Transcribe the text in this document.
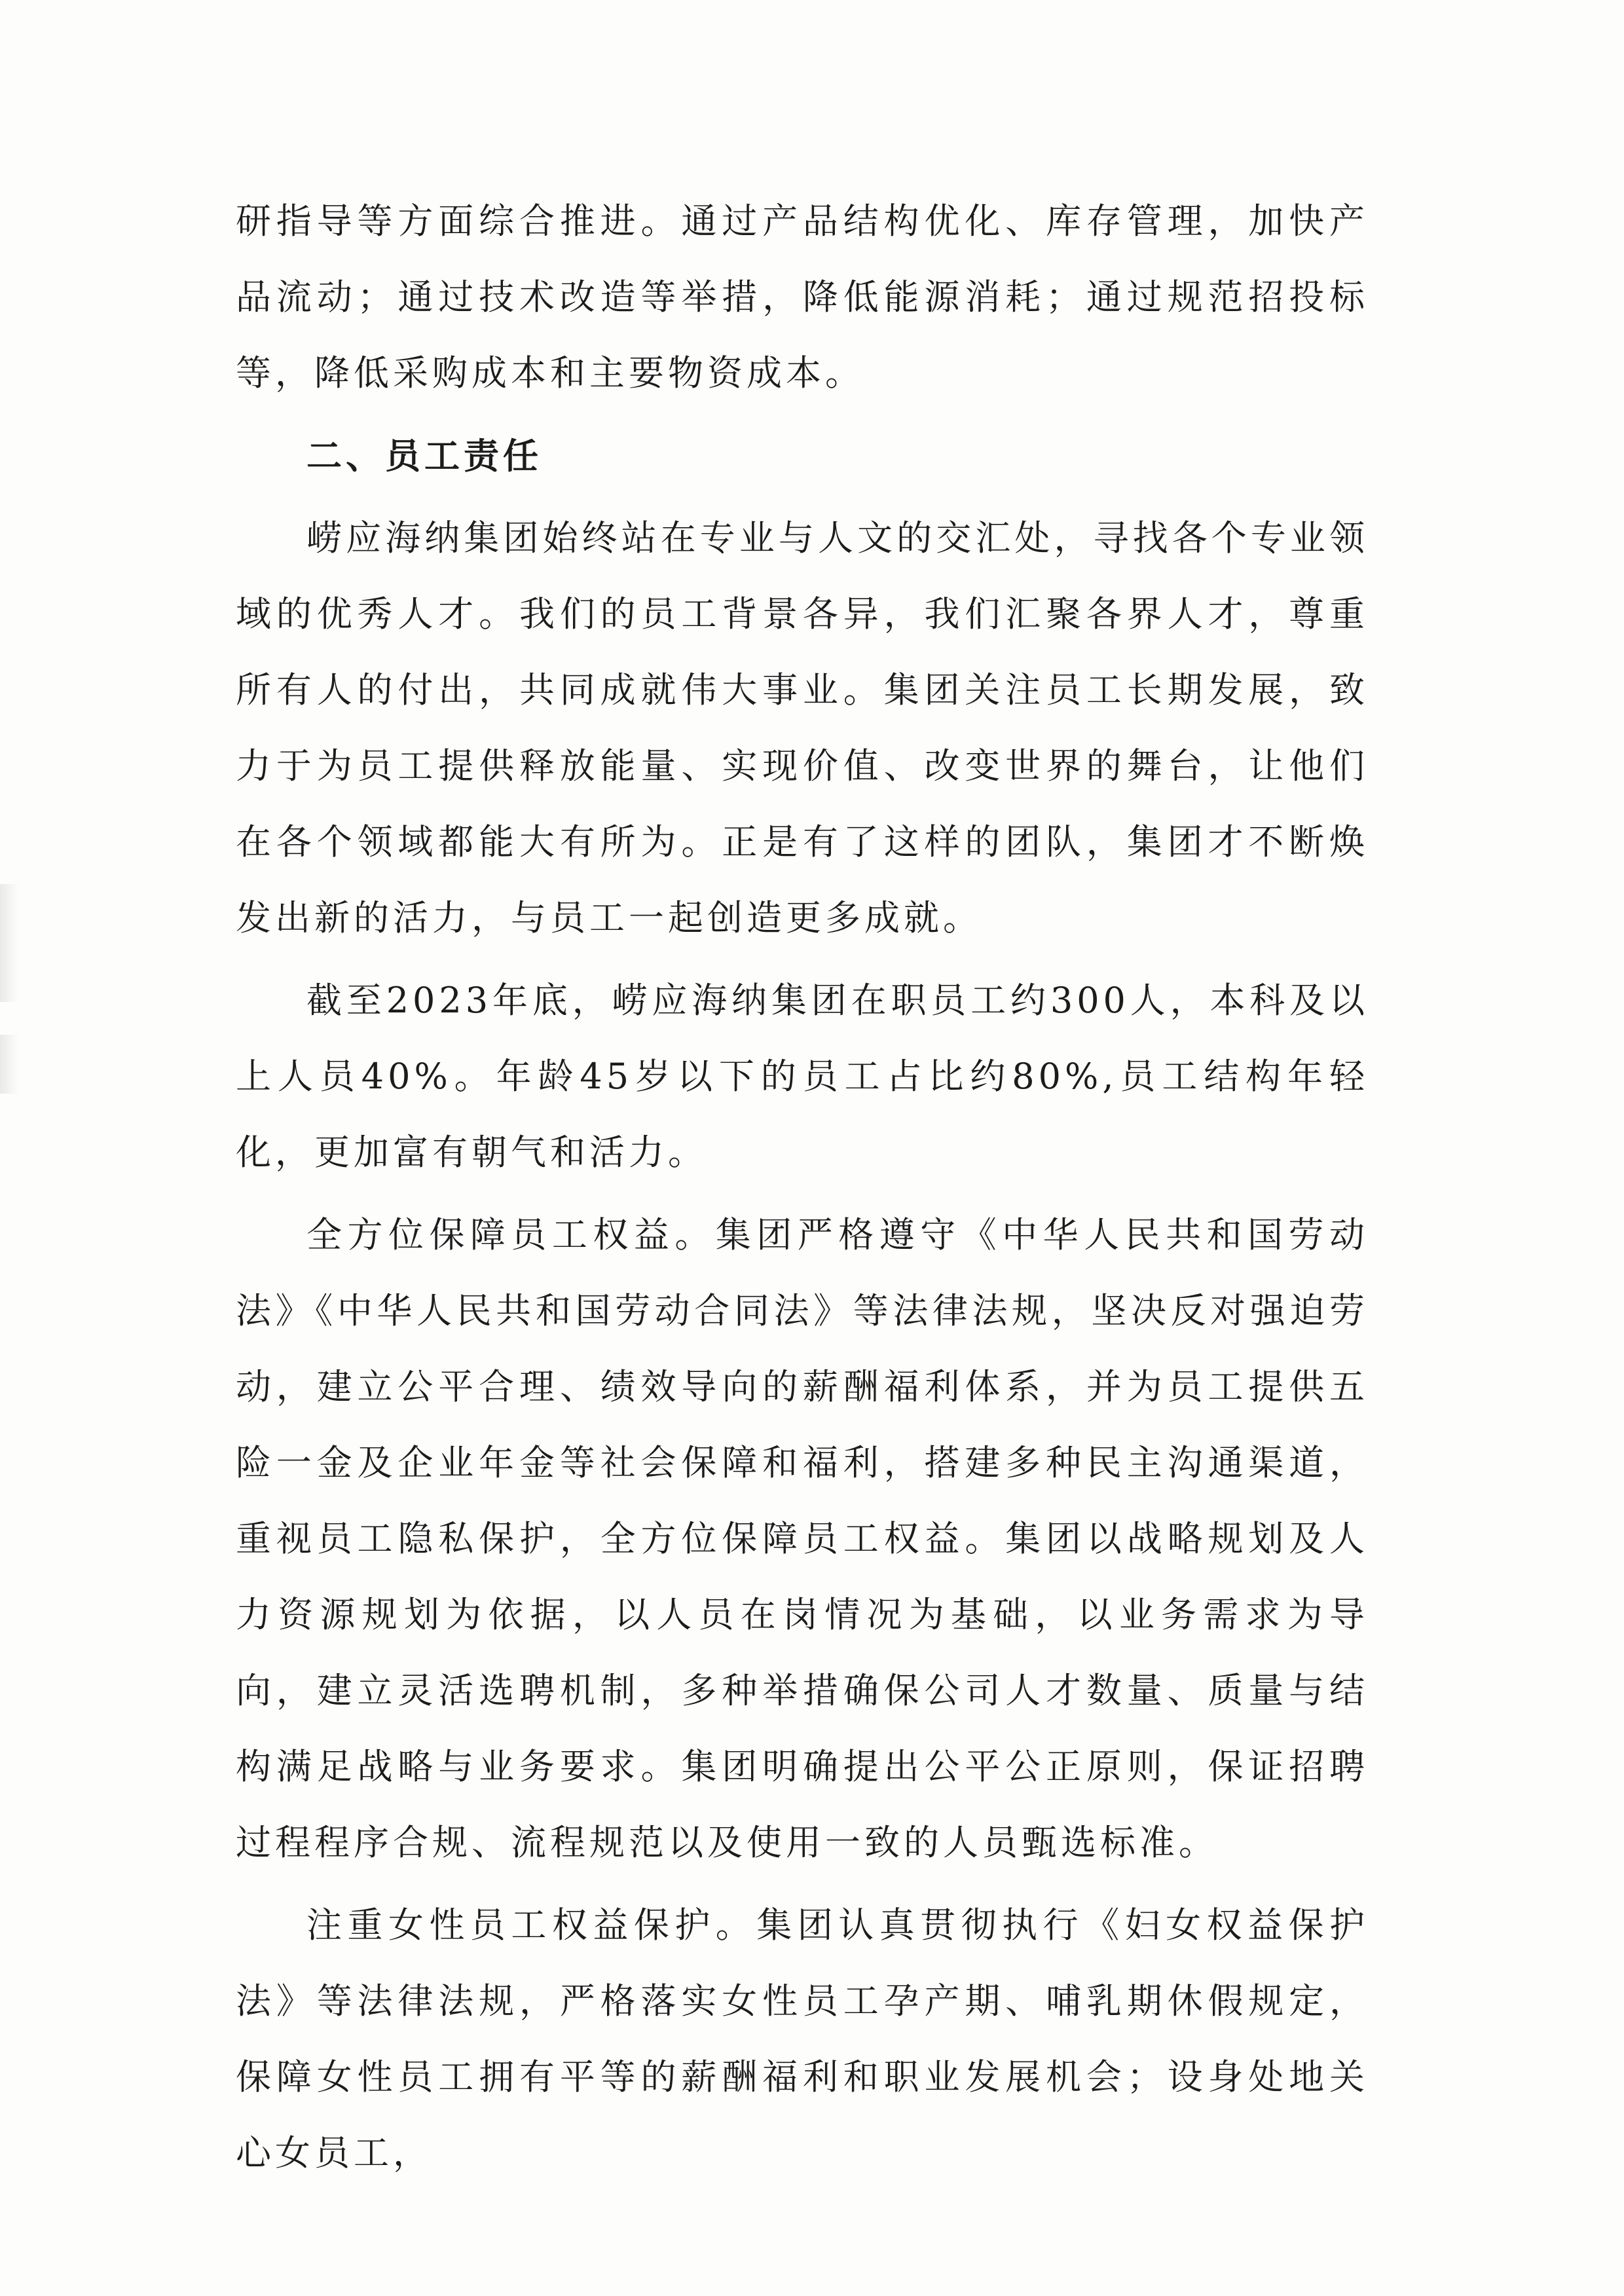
研指导等方面综合推进。通过产品结构优化、库存管理，加快产品流动；通过技术改造等举措，降低能源消耗；通过规范招投标等，降低采购成本和主要物资成本。

二、员工责任

崂应海纳集团始终站在专业与人文的交汇处，寻找各个专业领域的优秀人才。我们的员工背景各异，我们汇聚各界人才，尊重所有人的付出，共同成就伟大事业。集团关注员工长期发展，致力于为员工提供释放能量、实现价值、改变世界的舞台，让他们在各个领域都能大有所为。正是有了这样的团队，集团才不断焕发出新的活力，与员工一起创造更多成就。

截至2023年底，崂应海纳集团在职员工约300人，本科及以上人员40%。年龄45岁以下的员工占比约80%,员工结构年轻化，更加富有朝气和活力。

全方位保障员工权益。集团严格遵守《中华人民共和国劳动法》《中华人民共和国劳动合同法》等法律法规，坚决反对强迫劳动，建立公平合理、绩效导向的薪酬福利体系，并为员工提供五险一金及企业年金等社会保障和福利，搭建多种民主沟通渠道，重视员工隐私保护，全方位保障员工权益。集团以战略规划及人力资源规划为依据，以人员在岗情况为基础，以业务需求为导向，建立灵活选聘机制，多种举措确保公司人才数量、质量与结构满足战略与业务要求。集团明确提出公平公正原则，保证招聘过程程序合规、流程规范以及使用一致的人员甄选标准。

注重女性员工权益保护。集团认真贯彻执行《妇女权益保护法》等法律法规，严格落实女性员工孕产期、哺乳期休假规定，保障女性员工拥有平等的薪酬福利和职业发展机会；设身处地关心女员工，
